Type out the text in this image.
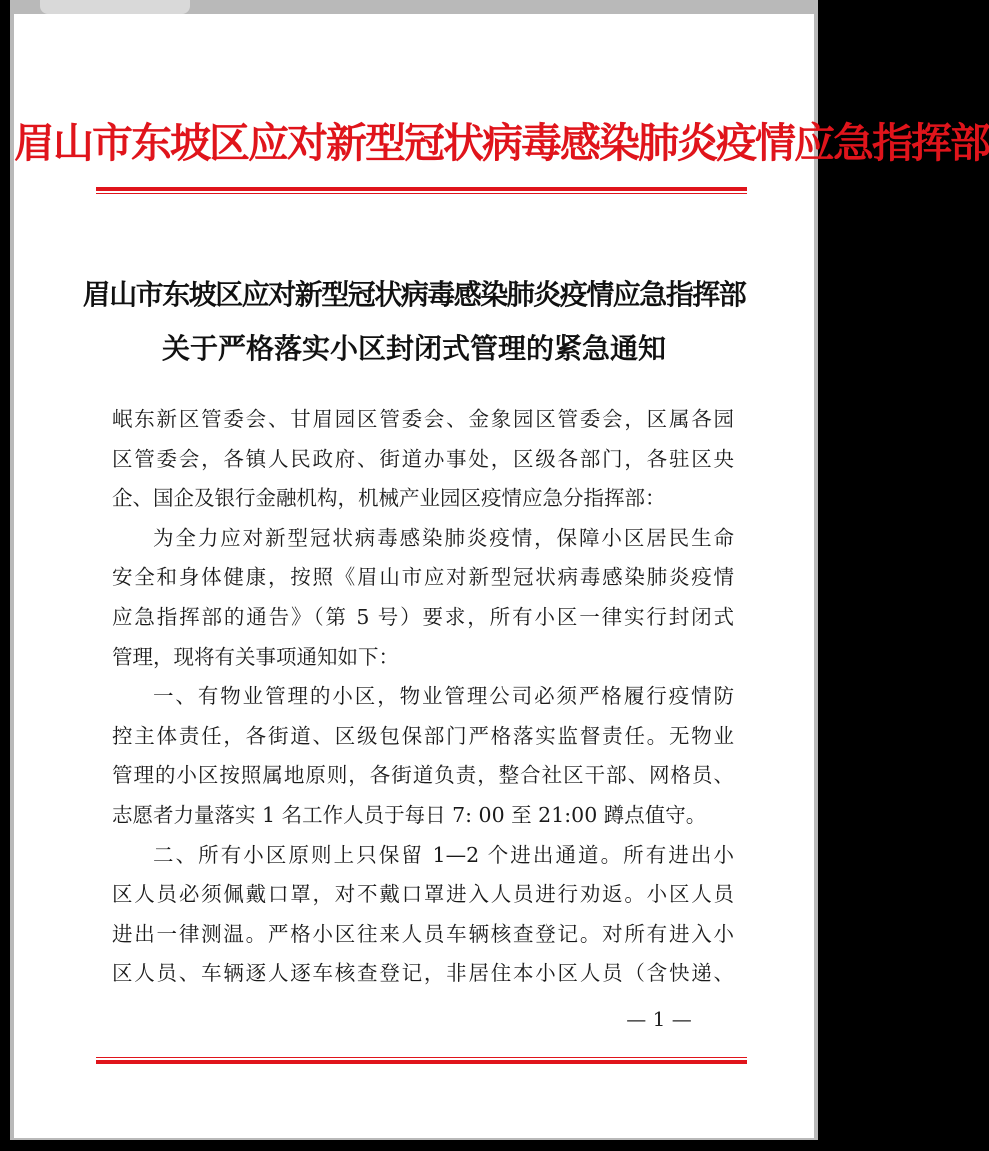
眉山市东坡区应对新型冠状病毒感染肺炎疫情应急指挥部
眉山市东坡区应对新型冠状病毒感染肺炎疫情应急指挥部
关于严格落实小区封闭式管理的紧急通知
岷东新区管委会、甘眉园区管委会、金象园区管委会，区属各园
区管委会，各镇人民政府、街道办事处，区级各部门，各驻区央
企、国企及银行金融机构，机械产业园区疫情应急分指挥部：
为全力应对新型冠状病毒感染肺炎疫情，保障小区居民生命
安全和身体健康，按照《眉山市应对新型冠状病毒感染肺炎疫情
应急指挥部的通告》（第 5 号）要求，所有小区一律实行封闭式
管理，现将有关事项通知如下：
一、有物业管理的小区，物业管理公司必须严格履行疫情防
控主体责任，各街道、区级包保部门严格落实监督责任。无物业
管理的小区按照属地原则，各街道负责，整合社区干部、网格员、
志愿者力量落实 1 名工作人员于每日 7: 00 至 21:00 蹲点值守。
二、所有小区原则上只保留 1—2 个进出通道。所有进出小
区人员必须佩戴口罩，对不戴口罩进入人员进行劝返。小区人员
进出一律测温。严格小区往来人员车辆核查登记。对所有进入小
区人员、车辆逐人逐车核查登记，非居住本小区人员（含快递、
— 1 —
